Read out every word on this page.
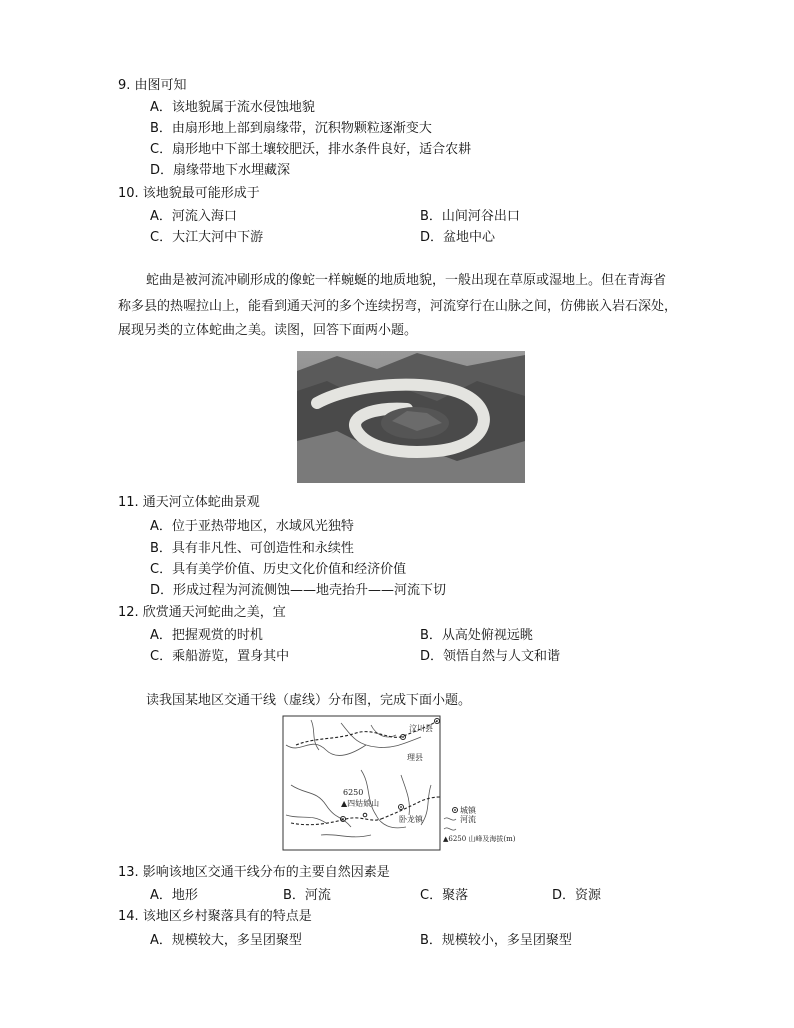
9. 由图可知
A．该地貌属于流水侵蚀地貌
B．由扇形地上部到扇缘带，沉积物颗粒逐渐变大
C．扇形地中下部土壤较肥沃，排水条件良好，适合农耕
D．扇缘带地下水埋藏深
10. 该地貌最可能形成于
A．河流入海口	B．山间河谷出口
C．大江大河中下游	D．盆地中心
蛇曲是被河流冲刷形成的像蛇一样蜿蜒的地质地貌，一般出现在草原或湿地上。但在青海省
称多县的热喔拉山上，能看到通天河的多个连续拐弯，河流穿行在山脉之间，仿佛嵌入岩石深处，
展现另类的立体蛇曲之美。读图，回答下面两小题。
11. 通天河立体蛇曲景观
A．位于亚热带地区，水域风光独特
B．具有非凡性、可创造性和永续性
C．具有美学价值、历史文化价值和经济价值
D．形成过程为河流侧蚀——地壳抬升——河流下切
12. 欣赏通天河蛇曲之美，宜
A．把握观赏的时机	B．从高处俯视远眺
C．乘船游览，置身其中	D．领悟自然与人文和谐
读我国某地区交通干线（虚线）分布图，完成下面小题。
汶川县
理县
6250
▲四姑娘山
卧龙镇
城镇
河流
▲6250 山峰及海拔(m)
13. 影响该地区交通干线分布的主要自然因素是
A．地形	B．河流	C．聚落	D．资源
14. 该地区乡村聚落具有的特点是
A．规模较大，多呈团聚型	B．规模较小，多呈团聚型
